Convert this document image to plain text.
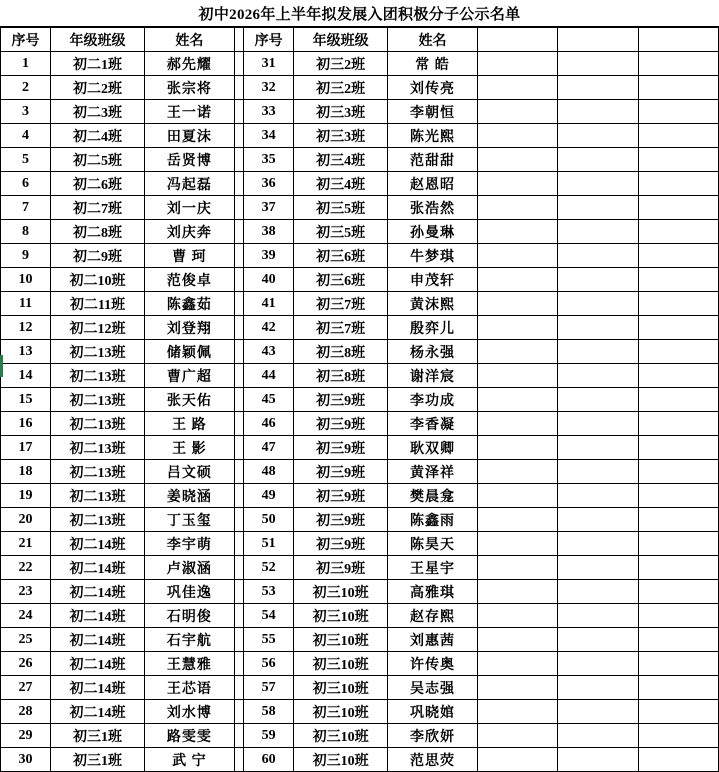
初中2026年上半年拟发展入团积极分子公示名单
序号	年级班级	姓名		序号	年级班级	姓名			
1	初二1班	郝先耀		31	初三2班	常 皓			
2	初二2班	张宗将		32	初三2班	刘传亮			
3	初二3班	王一诺		33	初三3班	李朝恒			
4	初二4班	田夏沫		34	初三3班	陈光熙			
5	初二5班	岳贤博		35	初三4班	范甜甜			
6	初二6班	冯起磊		36	初三4班	赵恩昭			
7	初二7班	刘一庆		37	初三5班	张浩然			
8	初二8班	刘庆奔		38	初三5班	孙曼琳			
9	初二9班	曹 珂		39	初三6班	牛梦琪			
10	初二10班	范俊卓		40	初三6班	申茂轩			
11	初二11班	陈鑫茹		41	初三7班	黄沫熙			
12	初二12班	刘登翔		42	初三7班	殷弈儿			
13	初二13班	储颖佩		43	初三8班	杨永强			
14	初二13班	曹广超		44	初三8班	谢洋宸			
15	初二13班	张天佑		45	初三9班	李功成			
16	初二13班	王 路		46	初三9班	李香凝			
17	初二13班	王 影		47	初三9班	耿双卿			
18	初二13班	吕文硕		48	初三9班	黄泽祥			
19	初二13班	姜晓涵		49	初三9班	樊晨龛			
20	初二13班	丁玉玺		50	初三9班	陈鑫雨			
21	初二14班	李宇萌		51	初三9班	陈昊天			
22	初二14班	卢淑涵		52	初三9班	王星宇			
23	初二14班	巩佳逸		53	初三10班	高雅琪			
24	初二14班	石明俊		54	初三10班	赵存熙			
25	初二14班	石宇航		55	初三10班	刘惠茜			
26	初二14班	王慧雅		56	初三10班	许传奥			
27	初二14班	王芯语		57	初三10班	吴志强			
28	初二14班	刘水博		58	初三10班	巩晓婠			
29	初三1班	路雯雯		59	初三10班	李欣妍			
30	初三1班	武 宁		60	初三10班	范思荧			
